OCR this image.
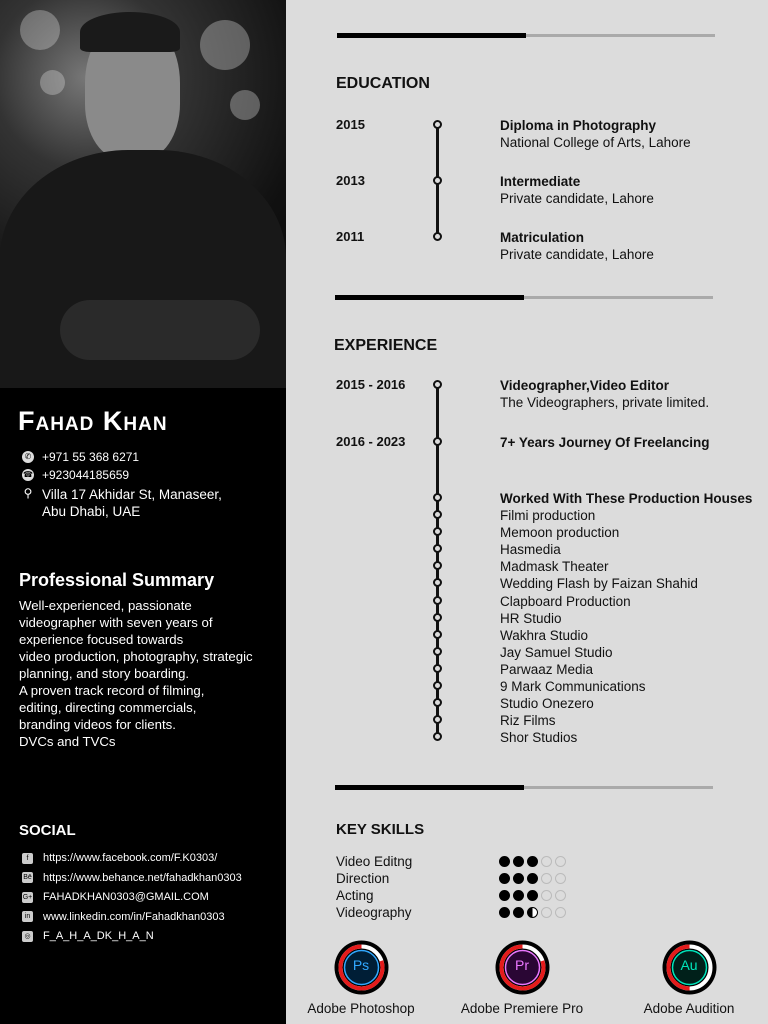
Fahad Khan
✆ +971 55 368 6271
☎ +923044185659
⚲ Villa 17 Akhidar St, Manaseer,
Abu Dhabi, UAE
Professional Summary
Well-experienced, passionate
videographer with seven years of
experience focused towards
video production, photography, strategic
planning, and story boarding.
A proven track record of filming,
editing, directing commercials,
branding videos for clients.
DVCs and TVCs
SOCIAL
EDUCATION
EXPERIENCE
Worked With These Production Houses
KEY SKILLS
Video Editng
Direction
Acting
Videography
f	https://www.facebook.com/F.K0303/
Bē https://www.behance.net/fahadkhan0303
G+ FAHADKHAN0303@GMAIL.COM
in www.linkedin.com/in/Fahadkhan0303
◎ F_A_H_A_DK_H_A_N
2015	Diploma in Photography
National College of Arts, Lahore
2013	Intermediate
Private candidate, Lahore
2011	Matriculation
Private candidate, Lahore
2015 - 2016	Videographer,Video Editor
The Videographers, private limited.
2016 - 2023	7+ Years Journey Of Freelancing
Filmi production
Memoon production
Hasmedia
Madmask Theater
Wedding Flash by Faizan Shahid
Clapboard Production
HR Studio
Wakhra Studio
Jay Samuel Studio
Parwaaz Media
9 Mark Communications
Studio Onezero
Riz Films
Shor Studios
Ps
Adobe Photoshop
Pr
Adobe Premiere Pro
Au
Adobe Audition
